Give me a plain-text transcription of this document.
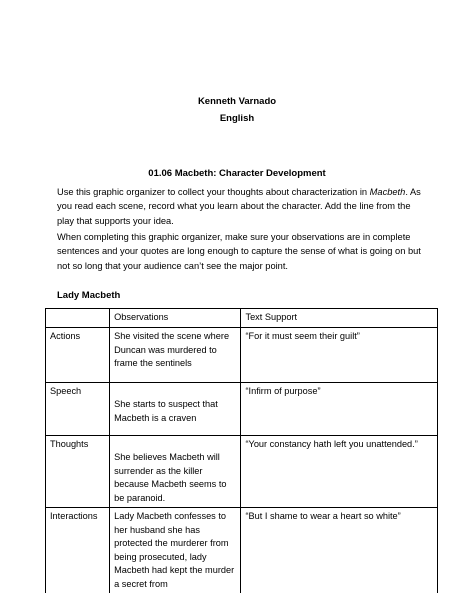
Kenneth Varnado
English
01.06 Macbeth: Character Development

Use this graphic organizer to collect your thoughts about characterization in Macbeth. As you read each scene, record what you learn about the character. Add the line from the play that supports your idea.

When completing this graphic organizer, make sure your observations are in complete sentences and your quotes are long enough to capture the sense of what is going on but not so long that your audience can’t see the major point.

Lady Macbeth
	Observations	Text Support
Actions	She visited the scene where Duncan was murdered to frame the sentinels	“For it must seem their guilt”
Speech	She starts to suspect that Macbeth is a craven	“Infirm of purpose”
Thoughts	She believes Macbeth will surrender as the killer because Macbeth seems to be paranoid.	“Your constancy hath left you unattended.”
Interactions	Lady Macbeth confesses to her husband she has protected the murderer from being prosecuted, lady Macbeth had kept the murder a secret from	“But I shame to wear a heart so white”
